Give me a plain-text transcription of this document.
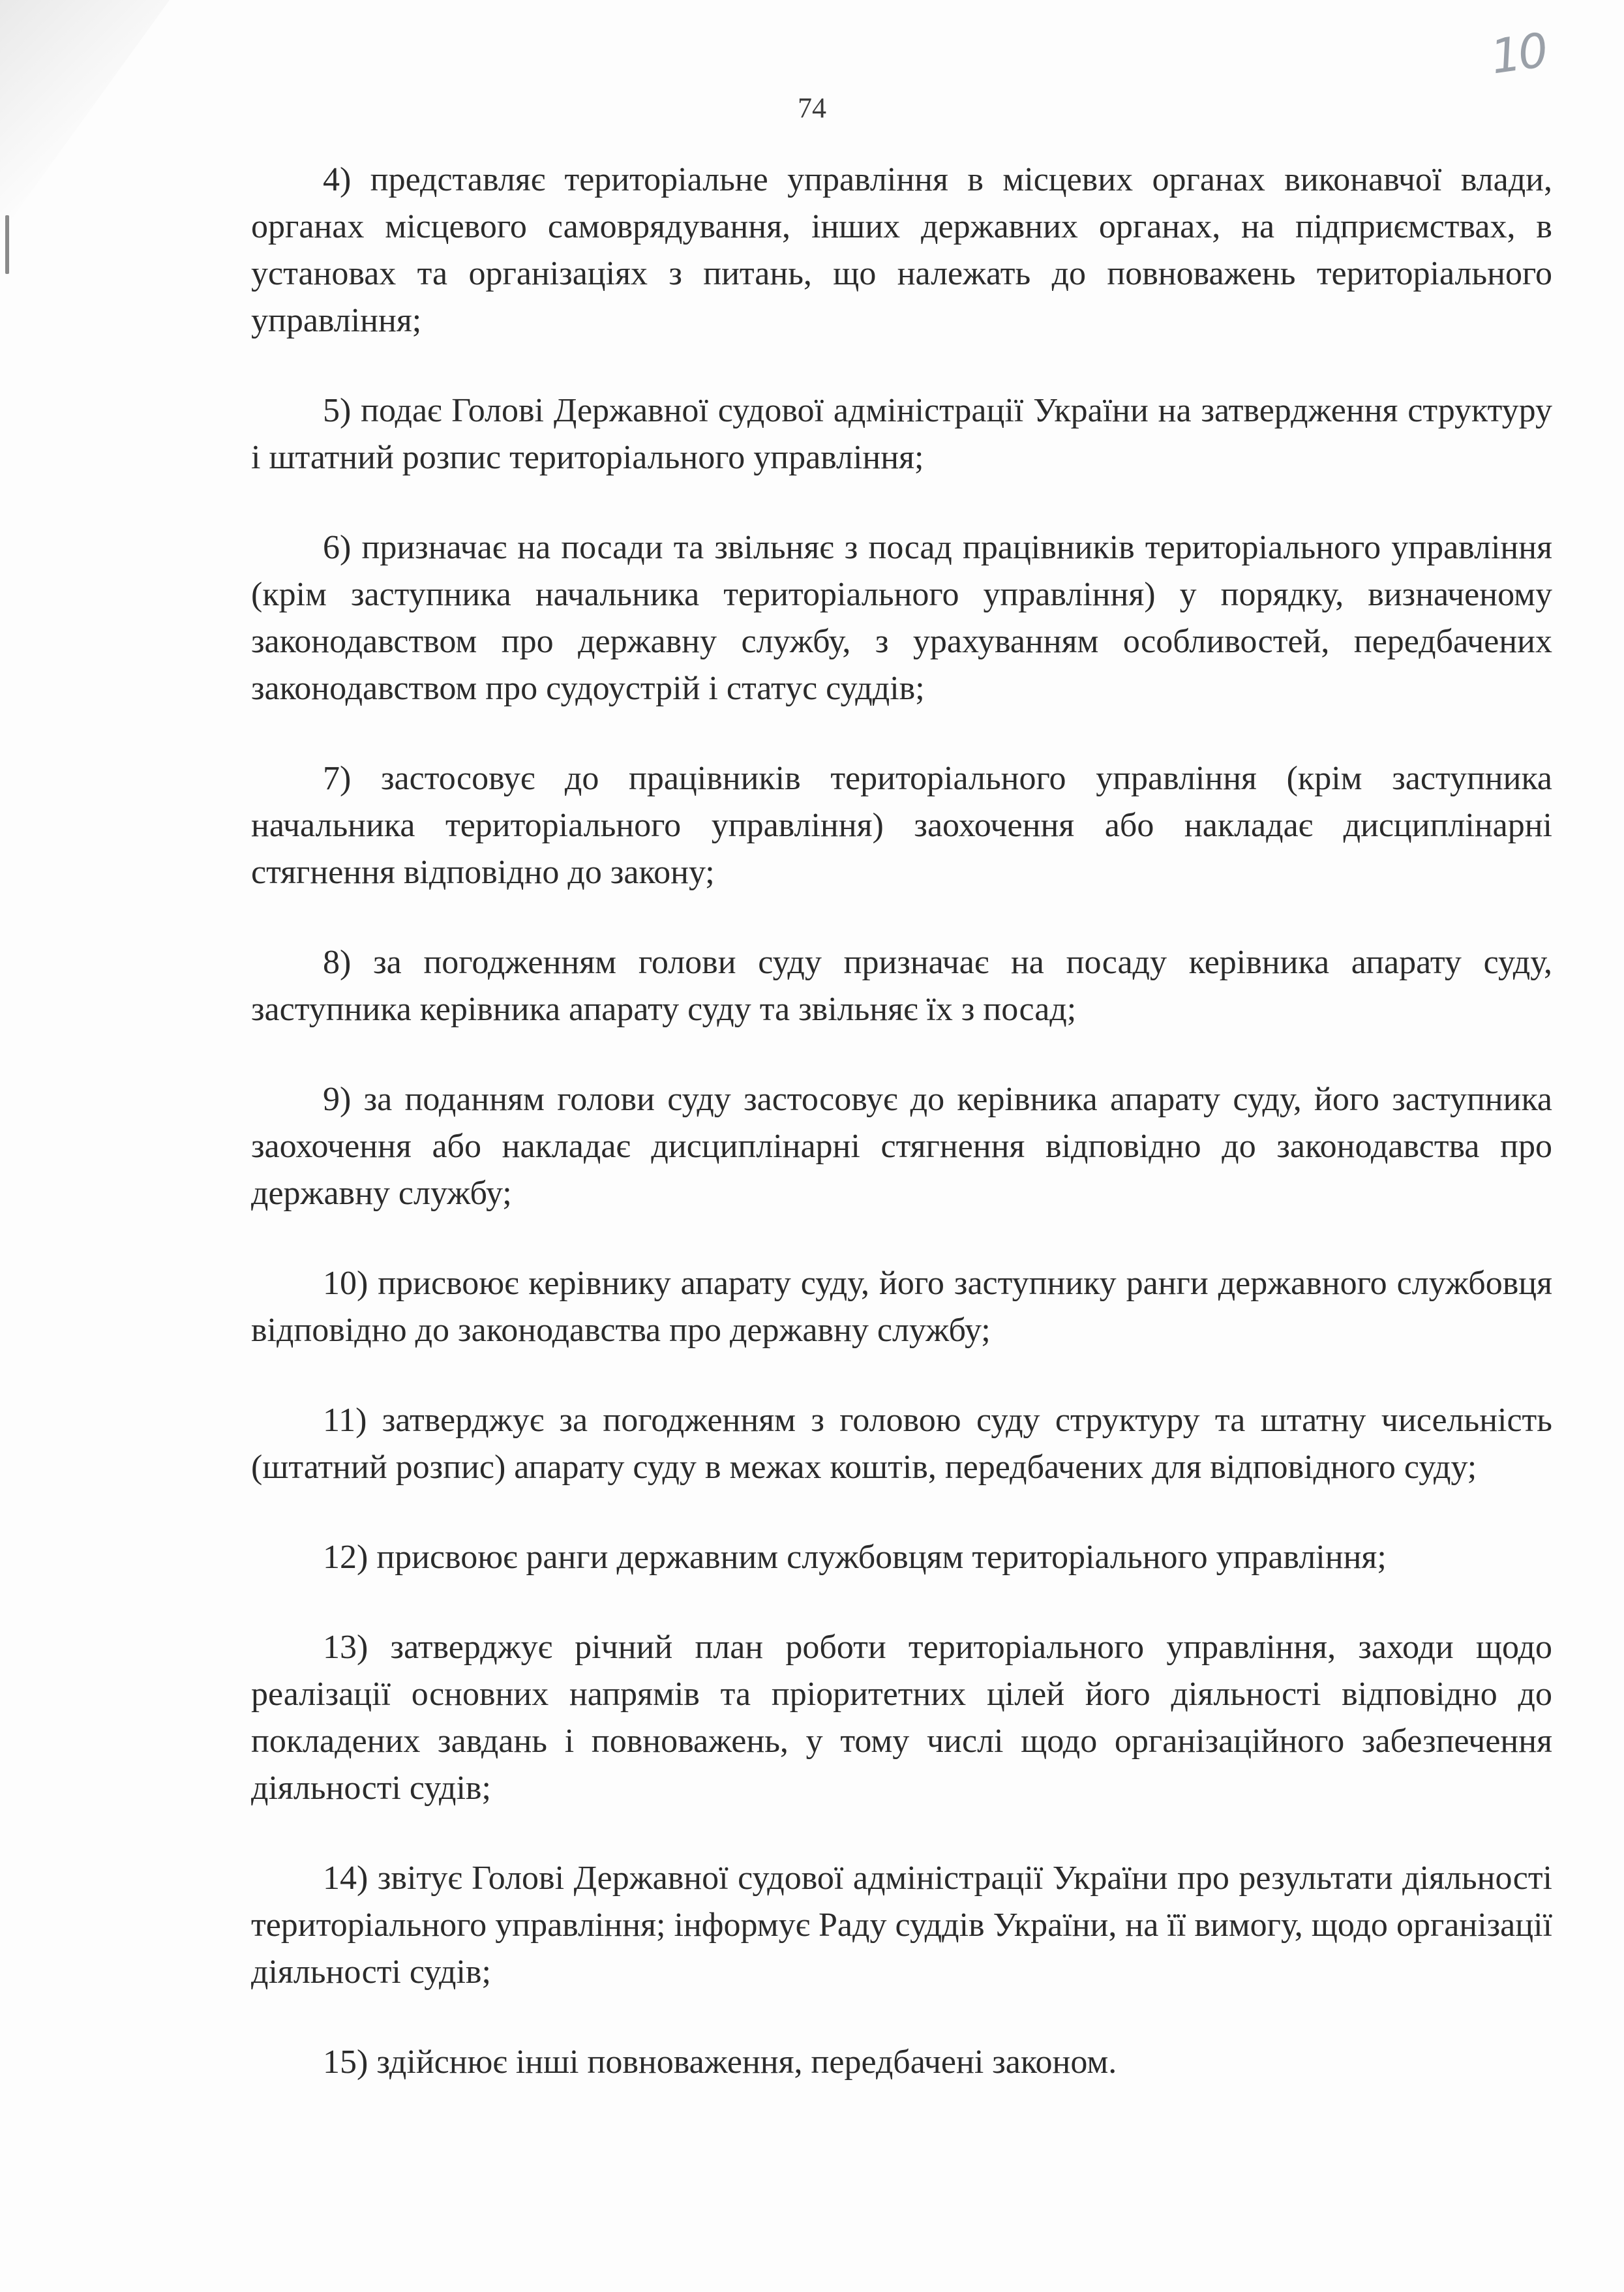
10
74

4) представляє територіальне управління в місцевих органах виконавчої влади, органах місцевого самоврядування, інших державних органах, на підприємствах, в установах та організаціях з питань, що належать до повноважень територіального управління;

5) подає Голові Державної судової адміністрації України на затвердження структуру і штатний розпис територіального управління;

6) призначає на посади та звільняє з посад працівників територіального управління (крім заступника начальника територіального управління) у порядку, визначеному законодавством про державну службу, з урахуванням особливостей, передбачених законодавством про судоустрій і статус суддів;

7) застосовує до працівників територіального управління (крім заступника начальника територіального управління) заохочення або накладає дисциплінарні стягнення відповідно до закону;

8) за погодженням голови суду призначає на посаду керівника апарату суду, заступника керівника апарату суду та звільняє їх з посад;

9) за поданням голови суду застосовує до керівника апарату суду, його заступника заохочення або накладає дисциплінарні стягнення відповідно до законодавства про державну службу;

10) присвоює керівнику апарату суду, його заступнику ранги державного службовця відповідно до законодавства про державну службу;

11) затверджує за погодженням з головою суду структуру та штатну чисельність (штатний розпис) апарату суду в межах коштів, передбачених для відповідного суду;

12) присвоює ранги державним службовцям територіального управління;

13) затверджує річний план роботи територіального управління, заходи щодо реалізації основних напрямів та пріоритетних цілей його діяльності відповідно до покладених завдань і повноважень, у тому числі щодо організаційного забезпечення діяльності судів;

14) звітує Голові Державної судової адміністрації України про результати діяльності територіального управління; інформує Раду суддів України, на її вимогу, щодо організації діяльності судів;

15) здійснює інші повноваження, передбачені законом.
